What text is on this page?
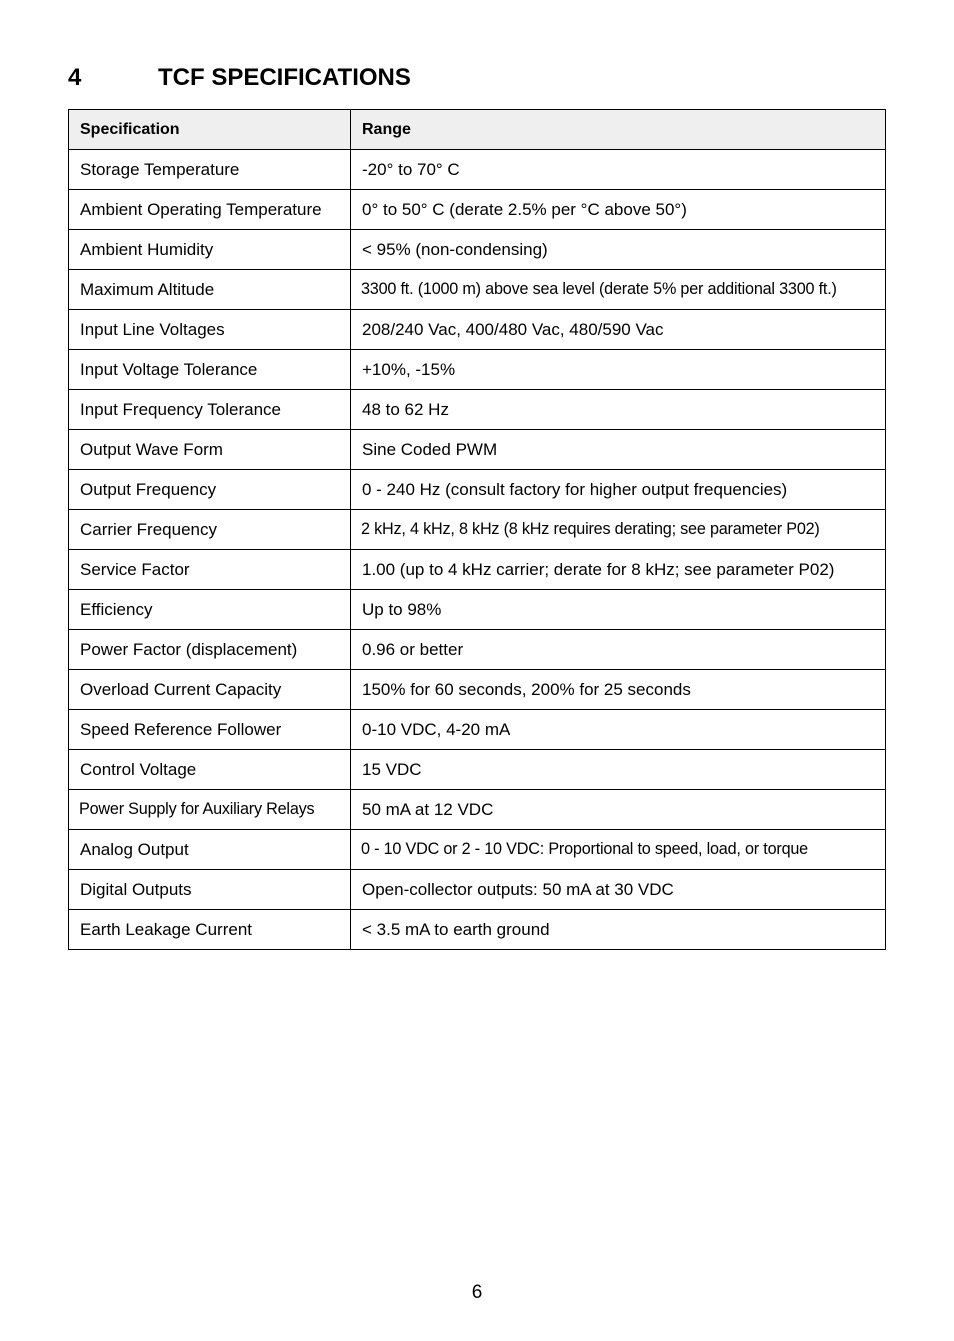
4	TCF SPECIFICATIONS
Specification	Range
Storage Temperature	-20° to 70° C
Ambient Operating Temperature	0° to 50° C (derate 2.5% per °C above 50°)
Ambient Humidity	< 95% (non-condensing)
Maximum Altitude	3300 ft. (1000 m) above sea level (derate 5% per additional 3300 ft.)
Input Line Voltages	208/240 Vac, 400/480 Vac, 480/590 Vac
Input Voltage Tolerance	+10%, -15%
Input Frequency Tolerance	48 to 62 Hz
Output Wave Form	Sine Coded PWM
Output Frequency	0 - 240 Hz (consult factory for higher output frequencies)
Carrier Frequency	2 kHz, 4 kHz, 8 kHz (8 kHz requires derating; see parameter P02)
Service Factor	1.00 (up to 4 kHz carrier; derate for 8 kHz; see parameter P02)
Efficiency	Up to 98%
Power Factor (displacement)	0.96 or better
Overload Current Capacity	150% for 60 seconds, 200% for 25 seconds
Speed Reference Follower	0-10 VDC, 4-20 mA
Control Voltage	15 VDC
Power Supply for Auxiliary Relays	50 mA at 12 VDC
Analog Output	0 - 10 VDC or 2 - 10 VDC: Proportional to speed, load, or torque
Digital Outputs	Open-collector outputs: 50 mA at 30 VDC
Earth Leakage Current	< 3.5 mA to earth ground
6
